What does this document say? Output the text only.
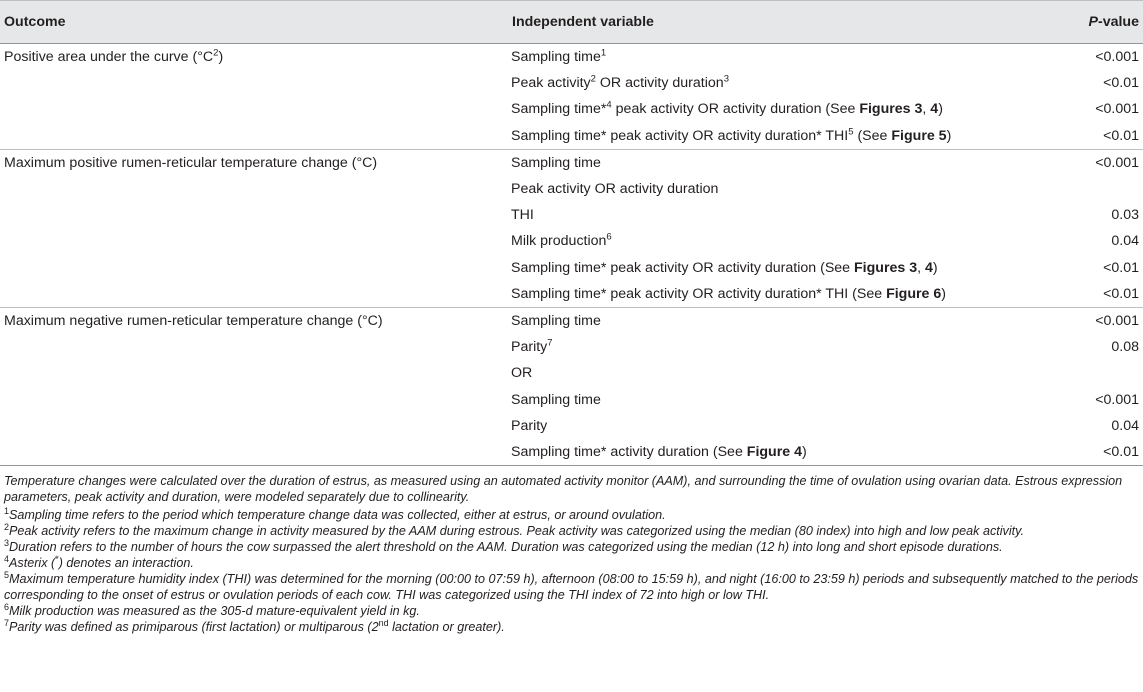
Outcome	Independent variable	P-value
Positive area under the curve $(^\circ C^2)$	Sampling time$^1$	<0.001
	Peak activity$^2$ OR activity duration$^3$	<0.01
	Sampling time*$^4$ peak activity OR activity duration (See Figures 3, 4)	<0.001
	Sampling time* peak activity OR activity duration* THI$^5$ (See Figure 5)	<0.01
Maximum positive rumen-reticular temperature change (°C)	Sampling time	<0.001
	Peak activity OR activity duration	
	THI	0.03
	Milk production$^6$	0.04
	Sampling time* peak activity OR activity duration (See Figures 3, 4)	<0.01
	Sampling time* peak activity OR activity duration* THI (See Figure 6)	<0.01
Maximum negative rumen-reticular temperature change (°C)	Sampling time	<0.001
	Parity$^7$	0.08
	OR	
	Sampling time	<0.001
	Parity	0.04
	Sampling time* activity duration (See Figure 4)	<0.01

Temperature changes were calculated over the duration of estrus, as measured using an automated activity monitor (AAM), and surrounding the time of ovulation using ovarian data. Estrous expression parameters, peak activity and duration, were modeled separately due to collinearity.

$^1$Sampling time refers to the period which temperature change data was collected, either at estrus, or around ovulation.

$^2$Peak activity refers to the maximum change in activity measured by the AAM during estrous. Peak activity was categorized using the median (80 index) into high and low peak activity.

$^3$Duration refers to the number of hours the cow surpassed the alert threshold on the AAM. Duration was categorized using the median (12 h) into long and short episode durations.

$^4$Asterix (*) denotes an interaction.

$^5$Maximum temperature humidity index (THI) was determined for the morning (00:00 to 07:59 h), afternoon (08:00 to 15:59 h), and night (16:00 to 23:59 h) periods and subsequently matched to the periods corresponding to the onset of estrus or ovulation periods of each cow. THI was categorized using the THI index of 72 into high or low THI.

$^6$Milk production was measured as the 305-d mature-equivalent yield in kg.

$^7$Parity was defined as primiparous (first lactation) or multiparous (2nd lactation or greater).
